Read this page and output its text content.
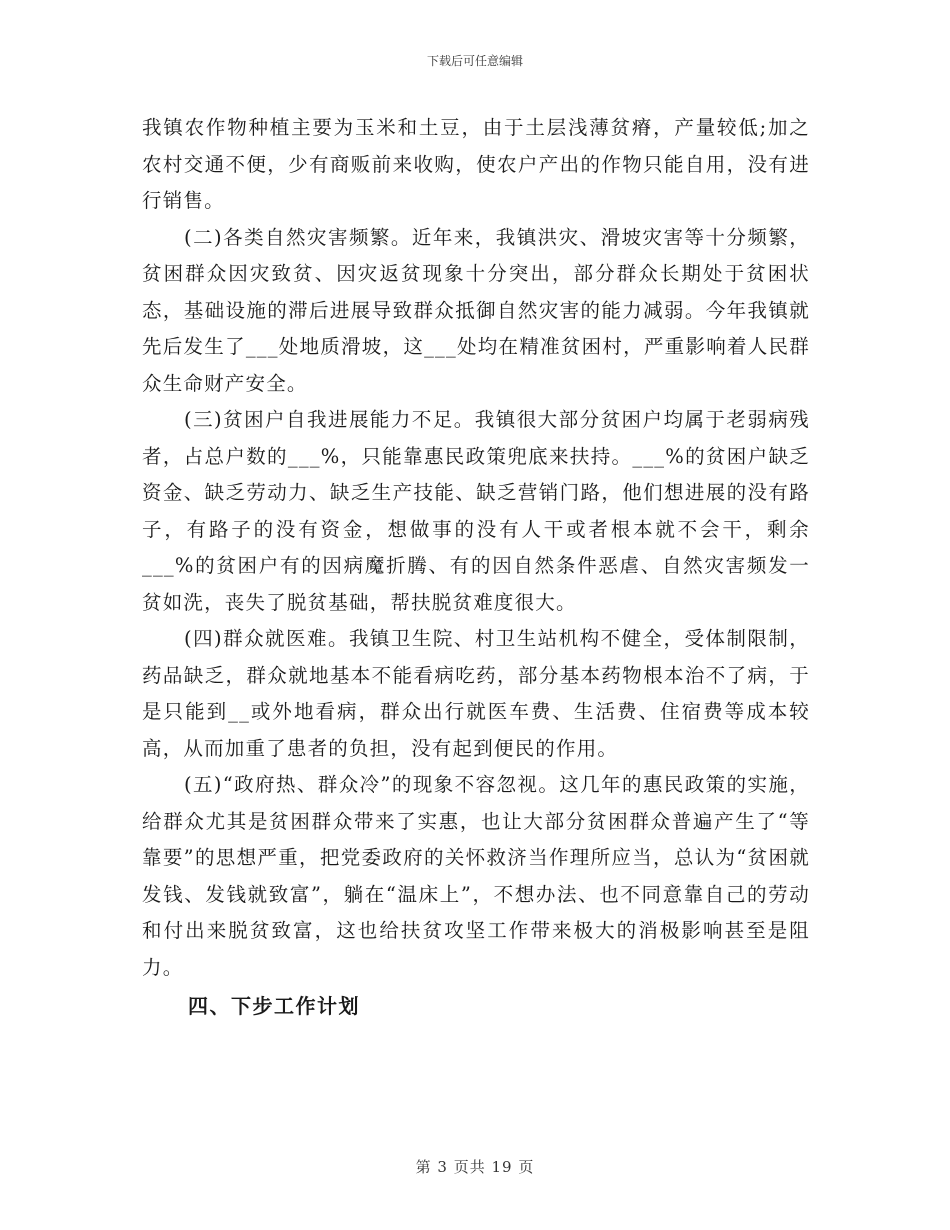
下载后可任意编辑

我镇农作物种植主要为玉米和土豆，由于土层浅薄贫瘠，产量较低;加之农村交通不便，少有商贩前来收购，使农户产出的作物只能自用，没有进行销售。

(二)各类自然灾害频繁。近年来，我镇洪灾、滑坡灾害等十分频繁，贫困群众因灾致贫、因灾返贫现象十分突出，部分群众长期处于贫困状态，基础设施的滞后进展导致群众抵御自然灾害的能力减弱。今年我镇就先后发生了___处地质滑坡，这___处均在精准贫困村，严重影响着人民群众生命财产安全。

(三)贫困户自我进展能力不足。我镇很大部分贫困户均属于老弱病残者，占总户数的___%，只能靠惠民政策兜底来扶持。___%的贫困户缺乏资金、缺乏劳动力、缺乏生产技能、缺乏营销门路，他们想进展的没有路子，有路子的没有资金，想做事的没有人干或者根本就不会干，剩余___%的贫困户有的因病魔折腾、有的因自然条件恶虐、自然灾害频发一贫如洗，丧失了脱贫基础，帮扶脱贫难度很大。

(四)群众就医难。我镇卫生院、村卫生站机构不健全，受体制限制，药品缺乏，群众就地基本不能看病吃药，部分基本药物根本治不了病，于是只能到__或外地看病，群众出行就医车费、生活费、住宿费等成本较高，从而加重了患者的负担，没有起到便民的作用。

(五)“政府热、群众冷”的现象不容忽视。这几年的惠民政策的实施，给群众尤其是贫困群众带来了实惠，也让大部分贫困群众普遍产生了“等靠要”的思想严重，把党委政府的关怀救济当作理所应当，总认为“贫困就发钱、发钱就致富”，躺在“温床上”，不想办法、也不同意靠自己的劳动和付出来脱贫致富，这也给扶贫攻坚工作带来极大的消极影响甚至是阻力。

四、下步工作计划

第 3 页共 19 页
